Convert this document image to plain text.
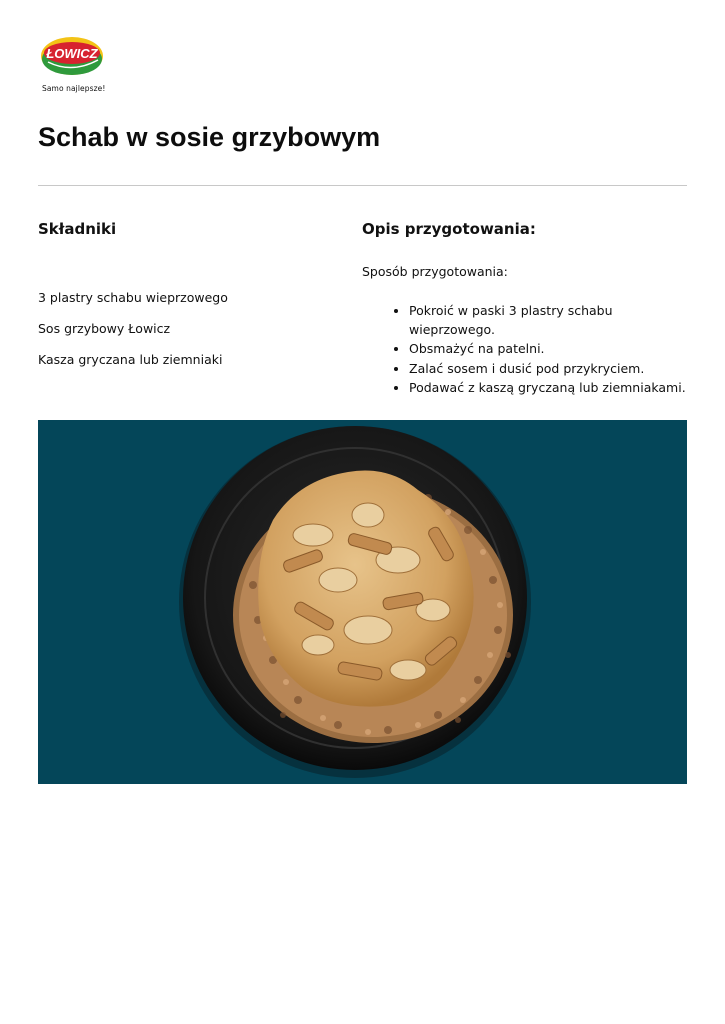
ŁOWICZ
Samo najlepsze!
Schab w sosie grzybowym
Składniki
3 plastry schabu wieprzowego
Sos grzybowy Łowicz
Kasza gryczana lub ziemniaki
Opis przygotowania:

Sposób przygotowania:

• Pokroić w paski 3 plastry schabu wieprzowego.
• Obsmażyć na patelni.
• Zalać sosem i dusić pod przykryciem.
• Podawać z kaszą gryczaną lub ziemniakami.
